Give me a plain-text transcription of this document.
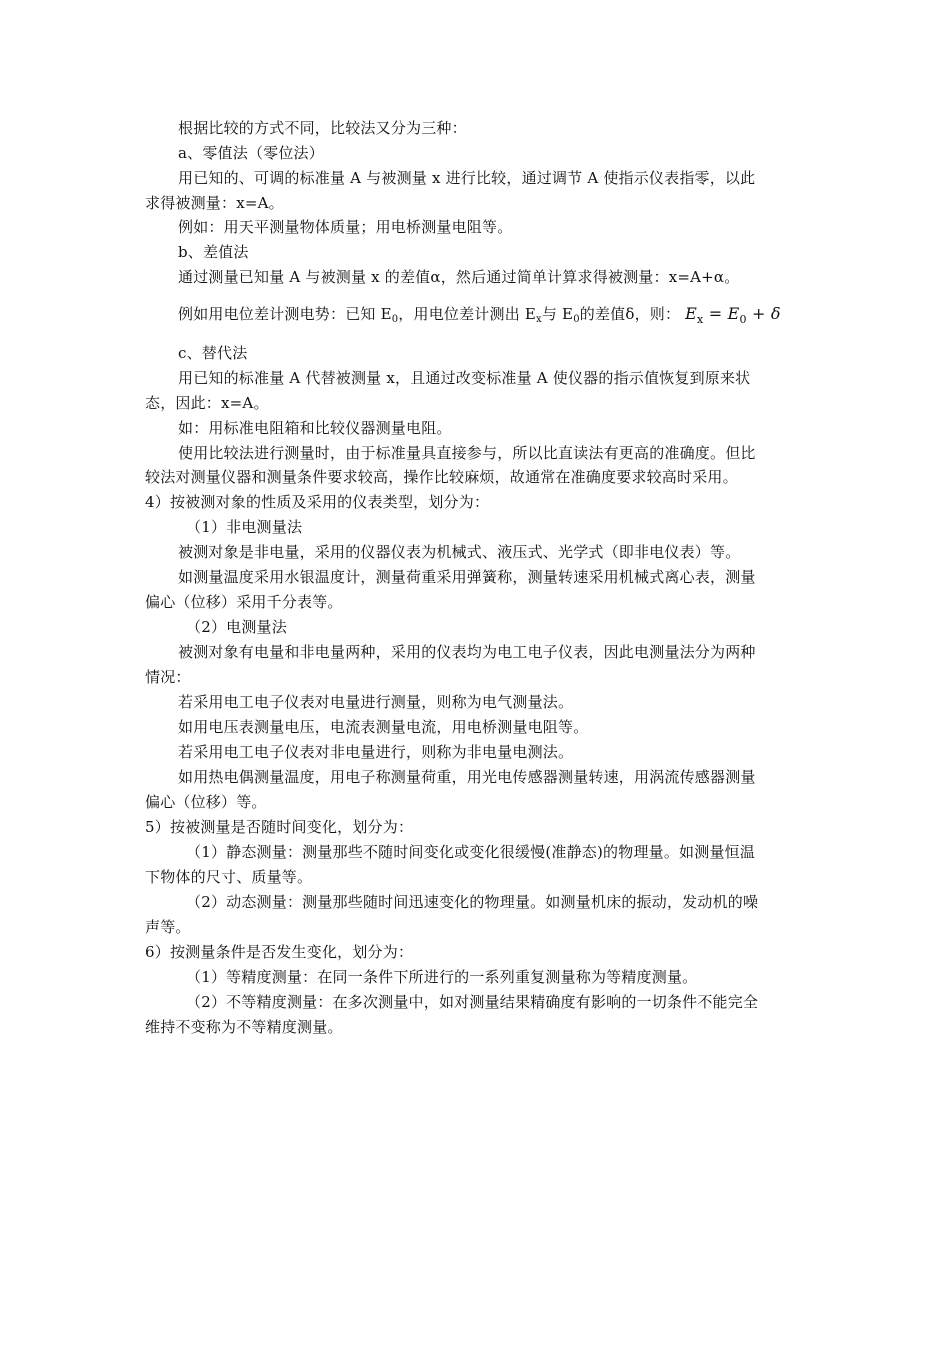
根据比较的方式不同，比较法又分为三种：
a、零值法（零位法）
用已知的、可调的标准量 A 与被测量 x 进行比较，通过调节 A 使指示仪表指零，以此
求得被测量：x=A。
例如：用天平测量物体质量；用电桥测量电阻等。
b、差值法
通过测量已知量 A 与被测量 x 的差值α，然后通过简单计算求得被测量：x=A+α。
例如用电位差计测电势：已知 $E_0$，用电位差计测出 $E_x$与 $E_0$的差值δ，则： $E_x = E_0 + \delta$
c、替代法
用已知的标准量 A 代替被测量 x，且通过改变标准量 A 使仪器的指示值恢复到原来状
态，因此：x=A。
如：用标准电阻箱和比较仪器测量电阻。
使用比较法进行测量时，由于标准量具直接参与，所以比直读法有更高的准确度。但比
较法对测量仪器和测量条件要求较高，操作比较麻烦，故通常在准确度要求较高时采用。
4）按被测对象的性质及采用的仪表类型，划分为：
（1）非电测量法
被测对象是非电量，采用的仪器仪表为机械式、液压式、光学式（即非电仪表）等。
如测量温度采用水银温度计，测量荷重采用弹簧称，测量转速采用机械式离心表，测量
偏心（位移）采用千分表等。
（2）电测量法
被测对象有电量和非电量两种，采用的仪表均为电工电子仪表，因此电测量法分为两种
情况：
若采用电工电子仪表对电量进行测量，则称为电气测量法。
如用电压表测量电压，电流表测量电流，用电桥测量电阻等。
若采用电工电子仪表对非电量进行，则称为非电量电测法。
如用热电偶测量温度，用电子称测量荷重，用光电传感器测量转速，用涡流传感器测量
偏心（位移）等。
5）按被测量是否随时间变化，划分为：
（1）静态测量：测量那些不随时间变化或变化很缓慢(准静态)的物理量。如测量恒温
下物体的尺寸、质量等。
（2）动态测量：测量那些随时间迅速变化的物理量。如测量机床的振动，发动机的噪
声等。
6）按测量条件是否发生变化，划分为：
（1）等精度测量：在同一条件下所进行的一系列重复测量称为等精度测量。
（2）不等精度测量：在多次测量中，如对测量结果精确度有影响的一切条件不能完全
维持不变称为不等精度测量。
